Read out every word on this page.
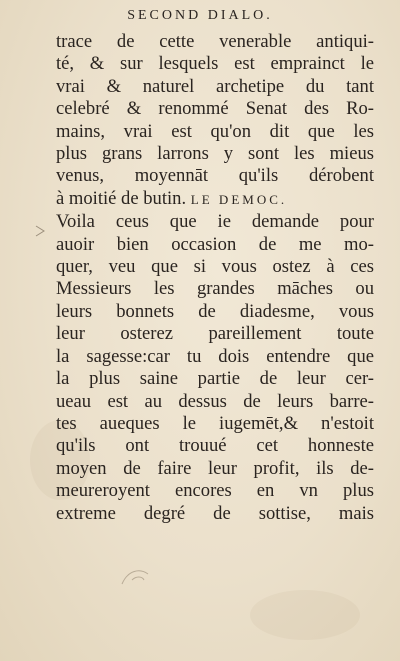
SECOND DIALO.
trace de cette venerable antiqui-
té, & sur lesquels est emprainct le
vrai & naturel archetipe du tant
celebré & renommé Senat des Ro-
mains, vrai est qu'on dit que les
plus grans larrons y sont les mieus
venus, moyennāt qu'ils dérobent
à moitié de butin. LE DEMOC.
Voila ceus que ie demande pour
auoir bien occasion de me mo-
quer, veu que si vous ostez à ces
Messieurs les grandes māches ou
leurs bonnets de diadesme, vous
leur osterez pareillement toute
la sagesse:car tu dois entendre que
la plus saine partie de leur cer-
ueau est au dessus de leurs barre-
tes aueques le iugemēt,& n'estoit
qu'ils ont trouué cet honneste
moyen de faire leur profit, ils de-
meureroyent encores en vn plus
extreme degré de sottise, mais
